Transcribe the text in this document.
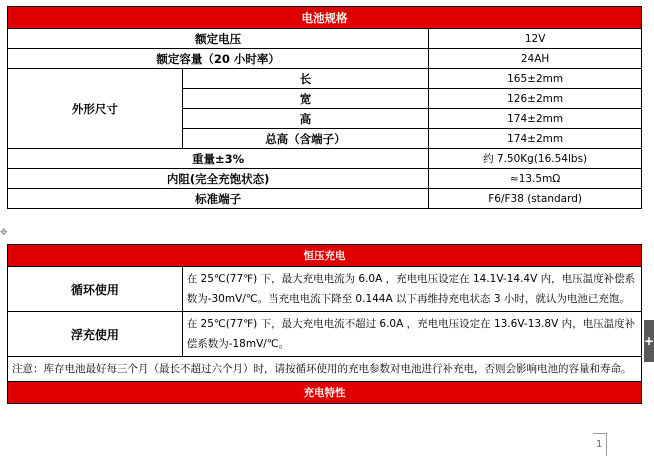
✥
电池规格		
额定电压		12V
额定容量（20 小时率）		24AH
外形尺寸	长	165±2mm
	宽	126±2mm
	高	174±2mm
	总高（含端子）	174±2mm
重量±3%		约 7.50Kg(16.54lbs)
内阻(完全充饱状态)		≈13.5mΩ
标准端子		F6/F38 (standard)
恒压充电	
循环使用	在 25℃(77℉) 下，最大充电电流为 6.0A ，充电电压设定在 14.1V-14.4V 内，电压温度补偿系数为-30mV/℃。当充电电流下降至 0.144A 以下再维持充电状态 3 小时，就认为电池已充饱。
浮充使用	在 25℃(77℉) 下，最大充电电流不超过 6.0A ，充电电压设定在 13.6V-13.8V 内，电压温度补偿系数为-18mV/℃。
注意：库存电池最好每三个月（最长不超过六个月）时，请按循环使用的充电参数对电池进行补充电，否则会影响电池的容量和寿命。	
充电特性	
+
1
